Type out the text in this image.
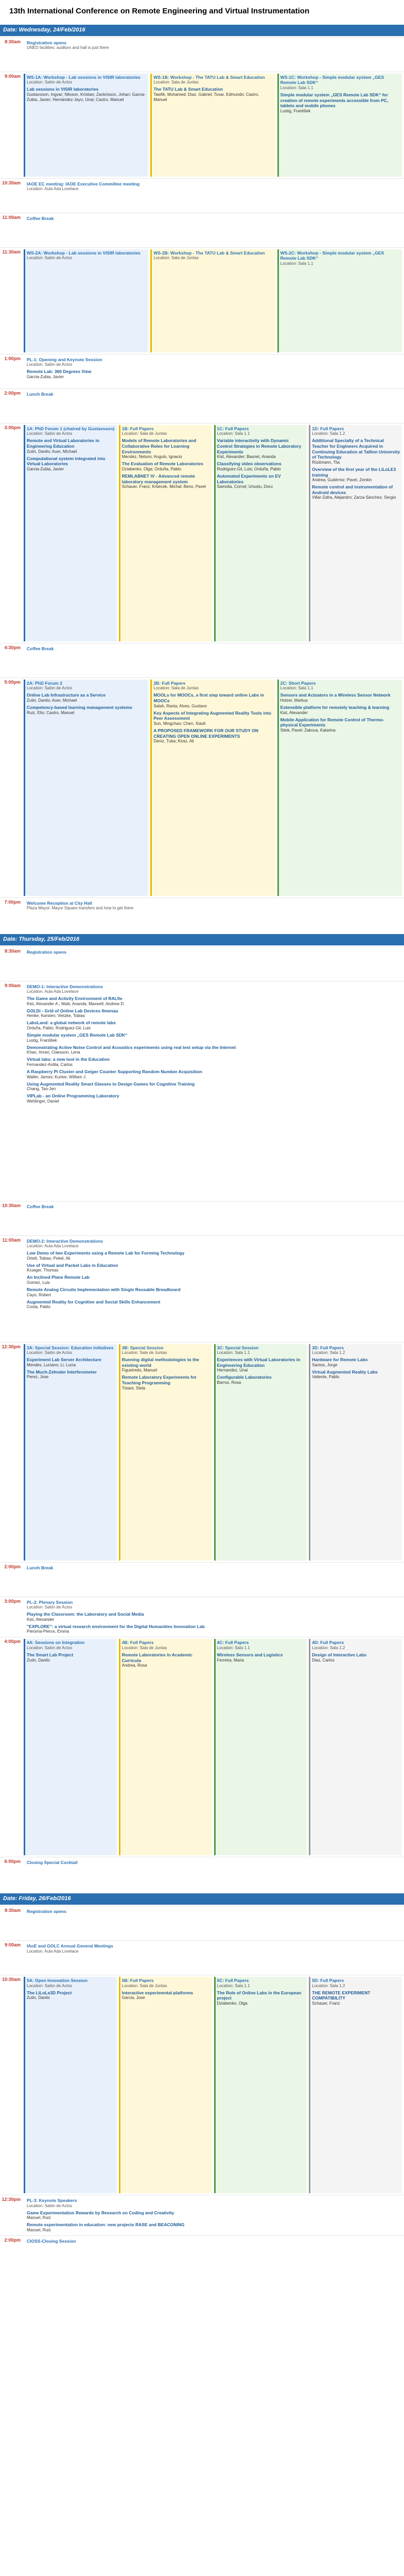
13th International Conference on Remote Engineering and Virtual Instrumentation
Date: Wednesday, 24/Feb/2016
8:30am	Registration opens
UNED facilities: auditors and hall is just there
9:00am	WS-1A: Workshop - Lab sessions in VISIR laboratories
Location: Salón de Actos
Lab sessions in VISIR laboratories
Gustavsson, Ingvar; Nilsson, Kristian; Zackrisson, Johan; Garcia-Zubia, Javier; Hernández-Jayo, Unai; Castro, Manuel
WS-1B: Workshop - The TATU Lab & Smart Education
Location: Sala de Juntas
The TATU Lab & Smart Education
Tawfik, Mohamed; Diaz, Gabriel; Tovar, Edmundo; Castro, Manuel
WS-1C: Workshop - Simple modular system „GES Remote Lab SDK“
Location: Sala 1.1
Simple modular system „GES Remote Lab SDK“ for creation of remote experiments accessible from PC, tablets and mobile phones
Lustig, František
10:30am	IAOE EC meeting: IAOE Executive Committee meeting
Location: Aula Ada Lovelace
11:00am	Coffee Break
11:30am	WS-2A: Workshop - Lab sessions in VISIR laboratories
Location: Salón de Actos
WS-2B: Workshop - The TATU Lab & Smart Education
Location: Sala de Juntas
WS-2C: Workshop - Simple modular system „GES Remote Lab SDK“
Location: Sala 1.1
1:00pm	PL-1: Opening and Keynote Session
Location: Salón de Actos
Remote Lab: 360 Degrees View
Garcia-Zubia, Javier
2:00pm	Lunch Break
3:00pm	1A: PhD Forum 1 (chaired by Gustavsson)
Location: Salón de Actos
Remote and Virtual Laboratories in Engineering Education
Zutin, Danilo; Auer, Michael
Computational system integrated into Virtual Laboratories
Garcia-Zubia, Javier
1B: Full Papers
Location: Sala de Juntas
Models of Remote Laboratories and Collaborative Roles for Learning Environments
Mendez, Nelson; Angulo, Ignacio
The Evaluation of Remote Laboratories
Dziabenko, Olga; Orduña, Pablo
REMLABNET IV - Advanced remote laboratory management system
Schauer, Franz; Krbecek, Michal; Beno, Pavel
1C: Full Papers
Location: Sala 1.1
Variable interactivity with Dynamic Control Strategies in Remote Laboratory Experiments
Kist, Alexander; Basnet, Ananda
Classifying video observations
Rodriguez-Gil, Luis; Orduña, Pablo
Automated Experiments on EV Laboratories
Samoila, Cornel; Ursutiu, Doru
1D: Full Papers
Location: Sala 1.2
Additional Specialty of a Technical Teacher for Engineers Acquired in Continuing Education at Tallinn University of Technology
Rüütmann, Tiia
Overview of the first year of the LiLoLE3 training
Andrea, Gutiérrez; Pavel, Zenkin
Remote control and instrumentation of Android devices
Villar-Zafra, Alejandro; Zarza-Sánchez, Sergio
4:30pm	Coffee Break
5:00pm	2A: PhD Forum 2
Location: Salón de Actos
Online Lab Infrastructure as a Service
Zutin, Danilo; Auer, Michael
Competency-based learning management systems
Ruiz, Elio; Castro, Manuel
2B: Full Papers
Location: Sala de Juntas
MOOLs for MOOCs, a first step toward online Labs in MOOCs
Salah, Rania; Alves, Gustavo
Key Aspects of Integrating Augmented Reality Tools into Peer Assessment
Sun, Mingchao; Chen, Xiaoli
A PROPOSED FRAMEWORK FOR OUR STUDY ON CREATING OPEN ONLINE EXPERIMENTS
Deniz, Tuba; Kiraz, Ali
2C: Short Papers
Location: Sala 1.1
Sensors and Actuators in a Wireless Sensor Network
Holzer, Markus
Extensible platform for remotely teaching & learning
Kist, Alexander
Mobile Application for Remote Control of Thermo-physical Experiments
Sitek, Pavel; Zakova, Katarina
7:00pm	Welcome Reception at City Hall
Plaza Mayor. Mayor Square transfers and how to get there
Date: Thursday, 25/Feb/2016
8:30am	Registration opens
9:00am	DEMO-1: Interactive Demonstrations
Location: Aula Ada Lovelace
The Game and Activity Environment of RALfie
Kist, Alexander A.; Maiti, Ananda; Maxwell, Andrew D.
GOLDi - Grid of Online Lab Devices Ilmenau
Henke, Karsten; Vietzke, Tobias
LabsLand: a global network of remote labs
Orduña, Pablo; Rodriguez-Gil, Luis
Simple modular system „GES Remote Lab SDK“
Lustig, František
Demonstrating Active Noise Control and Acoustics experiments using real test setup via the Internet
Khan, Imran; Claesson, Lena
Virtual labs: a new tool in the Education
Fernandez-Ardila, Carlos
A Raspberry Pi Cluster and Geiger Counter Supporting Random Number Acquisition
Waller, James; Kunter, William J.
Using Augmented Reality Smart Glasses to Design Games for Cognitive Training
Chang, Tao-Jen
VIPLab - an Online Programming Laboratory
Wehlinger, Daniel
10:30am	Coffee Break
11:00am	DEMO-2: Interactive Demonstrations
Location: Aula Ada Lovelace
Low Demo of two Experiments using a Remote Lab for Forming Technology
Ortelt, Tobias; Pekel, Ali
Use of Virtual and Packet Labs in Education
Krueger, Thomas
An Inclined Plane Remote Lab
Gomez, Luis
Remote Analog Circuits Implementation with Single Reusable Breadboard
Cayo, Robert
Augmented Reality for Cognitive and Social Skills Enhancement
Costa, Pablo
12:30pm	3A: Special Session: Education Initiatives
Location: Salón de Actos
Experiment Lab Server Architecture
Mendes, Luciano; Li, Lucia
The Much-Zehnder Interferometer
Perez, Jose
3B: Special Session
Location: Sala de Juntas
Running digital methodologies to the existing world
Figueiredo, Manuel
Remote Laboratory Experiments for Teaching Programming
Tisiani, Stela
3C: Special Session
Location: Sala 1.1
Experiences with Virtual Laboratories in Engineering Education
Hernandez, Unai
Configurable Laboratories
Barros, Rosa
3D: Full Papers
Location: Sala 1.2
Hardware for Remote Labs
Santos, Jorge
Virtual Augmented Reality Labs
Valiente, Pablo
2:00pm	Lunch Break
3:00pm	PL-2: Plenary Session
Location: Salón de Actos
Playing the Classroom: the Laboratory and Social Media
Kist, Alexander
"EXPLORE": a virtual research environment for the Digital Humanities Innovation Lab
Piersma-Pierce, Emma
4:00pm	4A: Sessions on Integration
Location: Salón de Actos
The Smart Lab Project
Zutin, Danilo
4B: Full Papers
Location: Sala de Juntas
Remote Laboratories in Academic Curricula
Andrea, Rosa
4C: Full Papers
Location: Sala 1.1
Wireless Sensors and Logistics
Ferreira, Maria
4D: Full Papers
Location: Sala 1.2
Design of Interactive Labs
Diaz, Carlos
6:00pm	Closing Special Cocktail
Date: Friday, 26/Feb/2016
8:30am	Registration opens
9:00am	IAoE and GOLC Annual General Meetings
Location: Aula Ada Lovelace
10:30am	5A: Open Innovation Session
Location: Salón de Actos
The LiLoLe3D Project
Zutin, Danilo
5B: Full Papers
Location: Sala de Juntas
Interactive experimental platforms
Garcia, Jose
5C: Full Papers
Location: Sala 1.1
The Role of Online Labs in the European project
Dziabenko, Olga
5D: Full Papers
Location: Sala 1.2
THE REMOTE EXPERIMENT COMPATIBILITY
Schauer, Franz
12:30pm	PL-3: Keynote Speakers
Location: Salón de Actos
Game Experimentation Rewards by Research on Coding and Creativity
Manuel, Ruiz
Remote experimentation in education: new projects RASE and BEACONING
Manuel, Ruiz
2:00pm	CIOSS-Closing Session
